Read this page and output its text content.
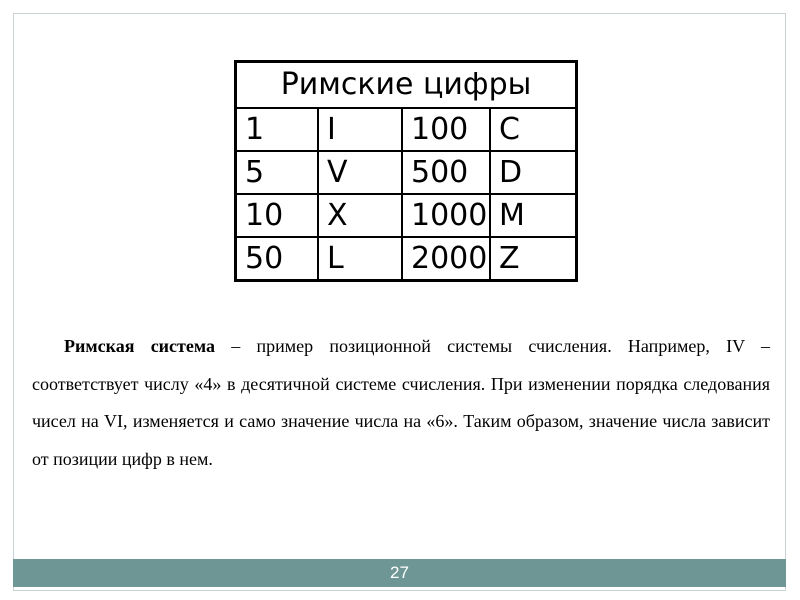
Римские цифры			
1	I	100	C
5	V	500	D
10	X	1000	M
50	L	2000	Z
Римская система – пример позиционной системы счисления. Например, IV – соответствует числу «4» в десятичной системе счисления. При изменении порядка следования чисел на VI, изменяется и само значение числа на «6». Таким образом, значение числа зависит от позиции цифр в нем.
27
